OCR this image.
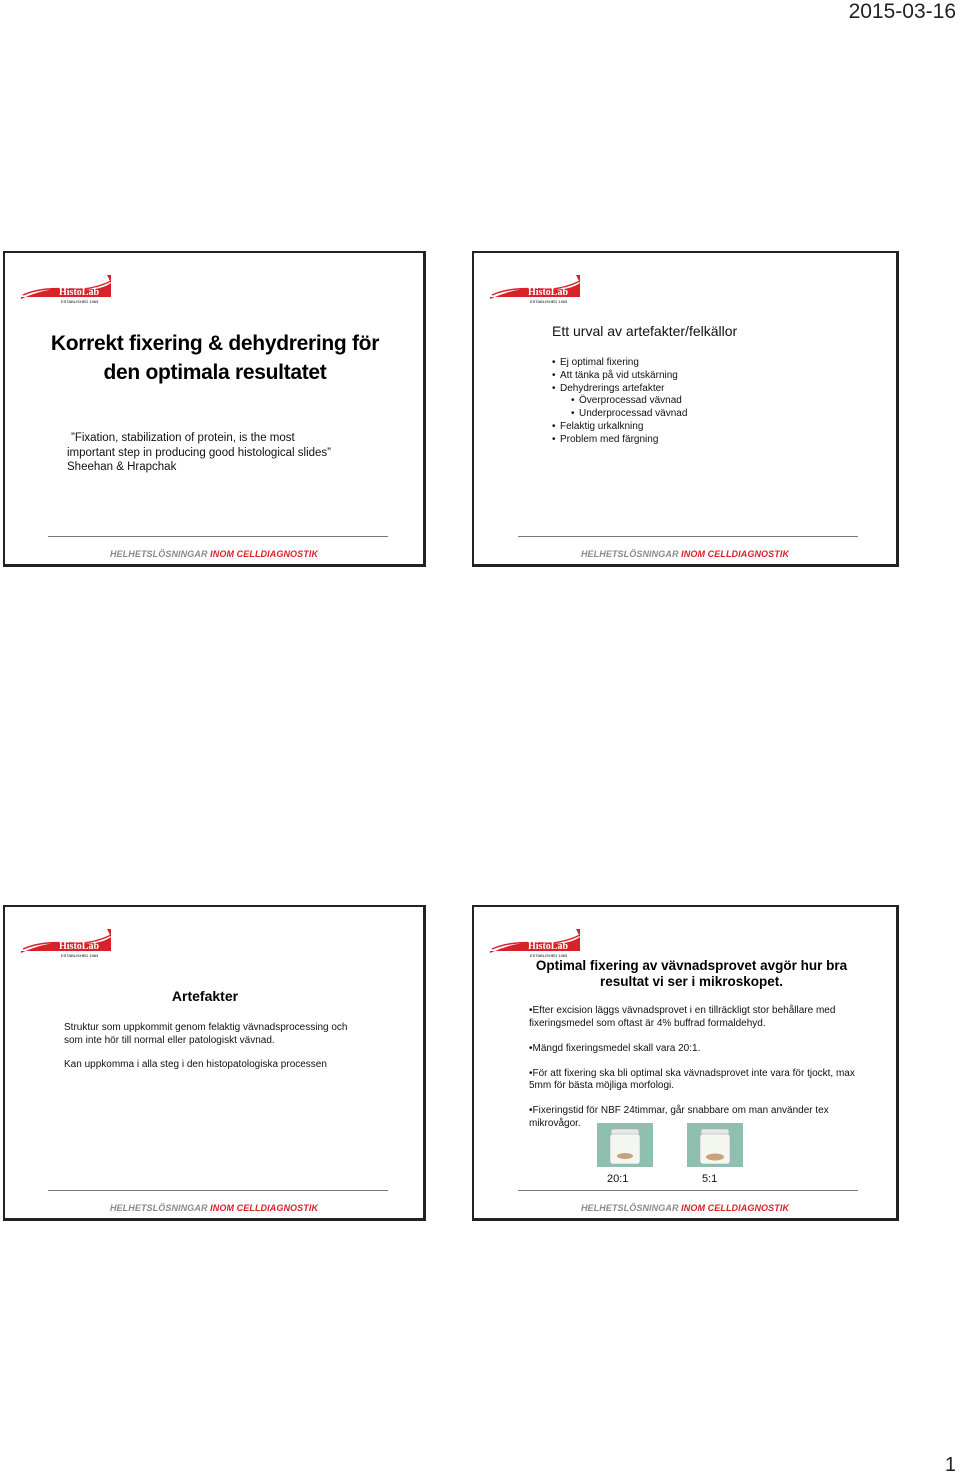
2015-03-16
HistoLab
ESTABLISHED 1963
Korrekt fixering & dehydrering för
den optimala resultatet
”Fixation, stabilization of protein, is the most
important step in producing good histological slides”
Sheehan & Hrapchak
HELHETSLÖSNINGAR INOM CELLDIAGNOSTIK
HistoLab
ESTABLISHED 1963
Ett urval av artefakter/felkällor
• Ej optimal fixering
• Att tänka på vid utskärning
• Dehydrerings artefakter
• Överprocessad vävnad
• Underprocessad vävnad
• Felaktig urkalkning
• Problem med färgning
HELHETSLÖSNINGAR INOM CELLDIAGNOSTIK
HistoLab
ESTABLISHED 1963
Artefakter

Struktur som uppkommit genom felaktig vävnadsprocessing och som inte hör till normal eller patologiskt vävnad.

Kan uppkomma i alla steg i den histopatologiska processen

HELHETSLÖSNINGAR INOM CELLDIAGNOSTIK
HistoLab
ESTABLISHED 1963
Optimal fixering av vävnadsprovet avgör hur bra resultat vi ser i mikroskopet.

•Efter excision läggs vävnadsprovet i en tillräckligt stor behållare med fixeringsmedel som oftast är 4% buffrad formaldehyd.

•Mängd fixeringsmedel skall vara 20:1.

•För att fixering ska bli optimal ska vävnadsprovet inte vara för tjockt, max 5mm för bästa möjliga morfologi.

•Fixeringstid för NBF 24timmar, går snabbare om man använder tex mikrovågor.

20:1	5:1
HELHETSLÖSNINGAR INOM CELLDIAGNOSTIK
1
